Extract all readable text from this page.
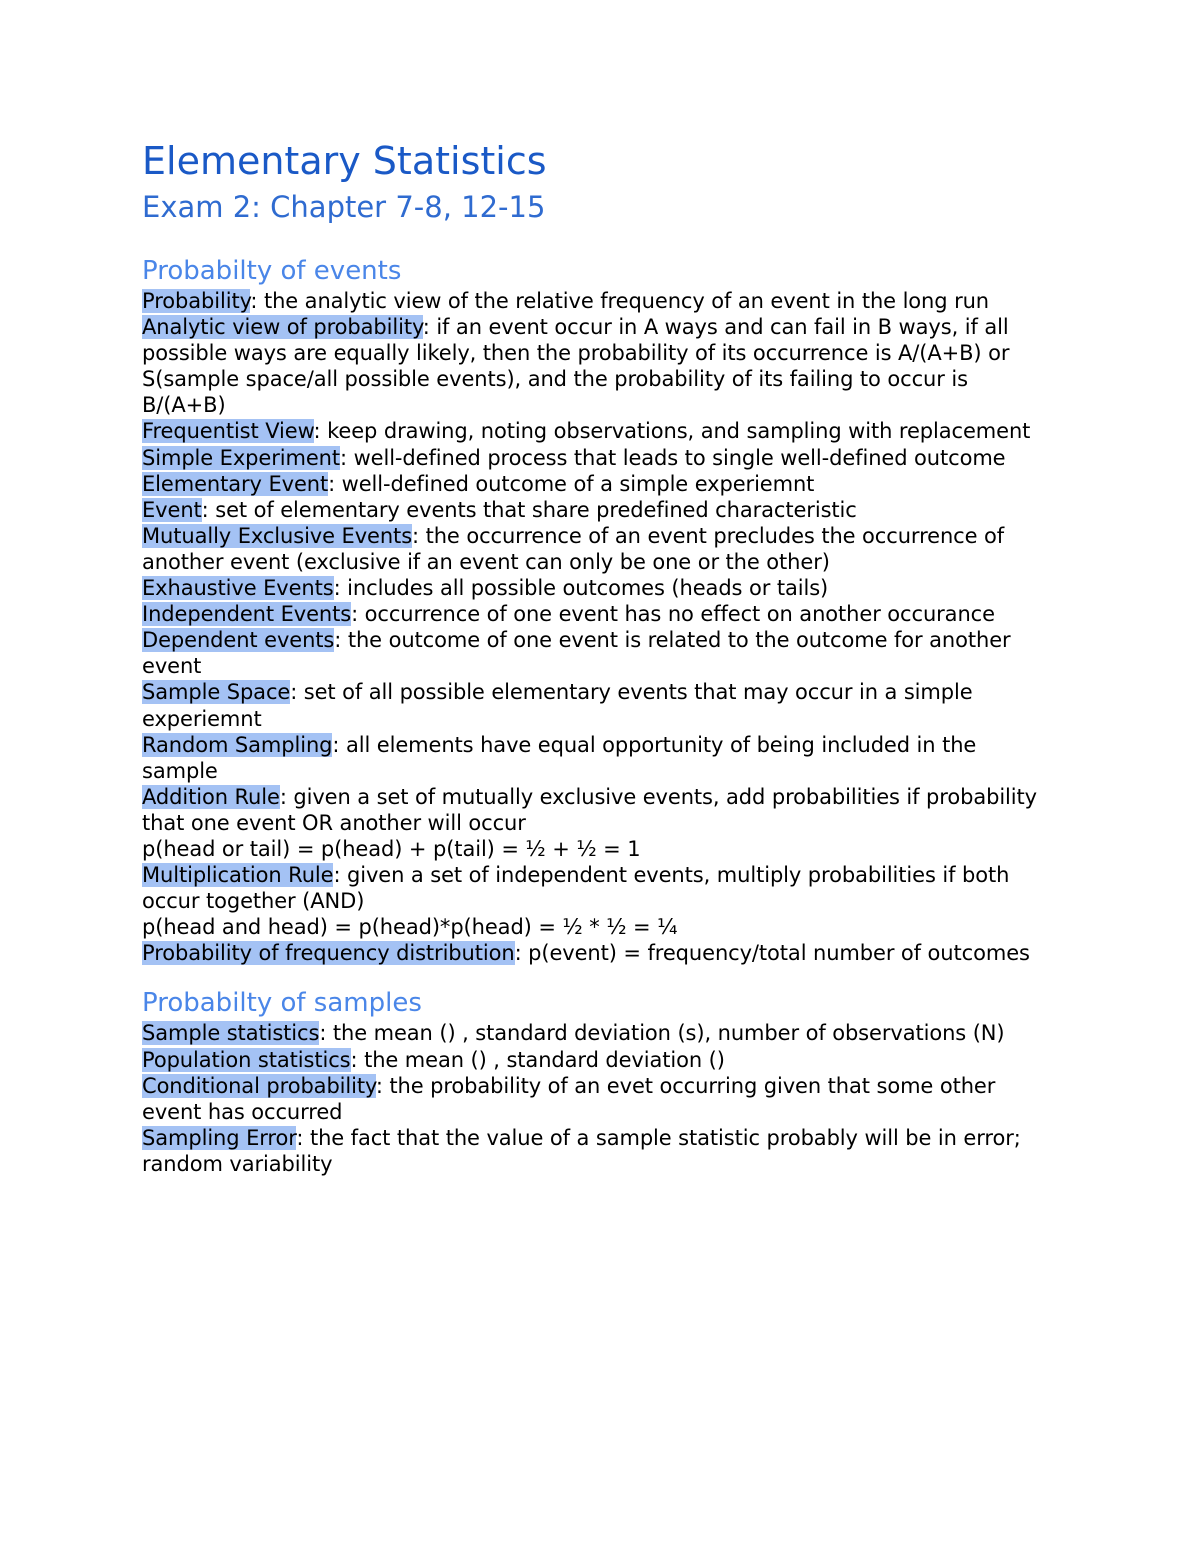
Elementary Statistics
Exam 2: Chapter 7-8, 12-15
Probabilty of events

Probability: the analytic view of the relative frequency of an event in the long run

Analytic view of probability: if an event occur in A ways and can fail in B ways, if all possible ways are equally likely, then the probability of its occurrence is A/(A+B) or S(sample space/all possible events), and the probability of its failing to occur is B/(A+B)

Frequentist View: keep drawing, noting observations, and sampling with replacement

Simple Experiment: well-defined process that leads to single well-defined outcome

Elementary Event: well-defined outcome of a simple experiemnt

Event: set of elementary events that share predefined characteristic

Mutually Exclusive Events: the occurrence of an event precludes the occurrence of another event (exclusive if an event can only be one or the other)

Exhaustive Events: includes all possible outcomes (heads or tails)

Independent Events: occurrence of one event has no effect on another occurance

Dependent events: the outcome of one event is related to the outcome for another event

Sample Space: set of all possible elementary events that may occur in a simple experiemnt

Random Sampling: all elements have equal opportunity of being included in the sample

Addition Rule: given a set of mutually exclusive events, add probabilities if probability that one event OR another will occur

p(head or tail) = p(head) + p(tail) = ½ + ½ = 1

Multiplication Rule: given a set of independent events, multiply probabilities if both occur together (AND)

p(head and head) = p(head)*p(head) = ½ * ½ = ¼

Probability of frequency distribution: p(event) = frequency/total number of outcomes

Probabilty of samples

Sample statistics: the mean () , standard deviation (s), number of observations (N)

Population statistics: the mean () , standard deviation ()

Conditional probability: the probability of an evet occurring given that some other event has occurred

Sampling Error: the fact that the value of a sample statistic probably will be in error; random variability
